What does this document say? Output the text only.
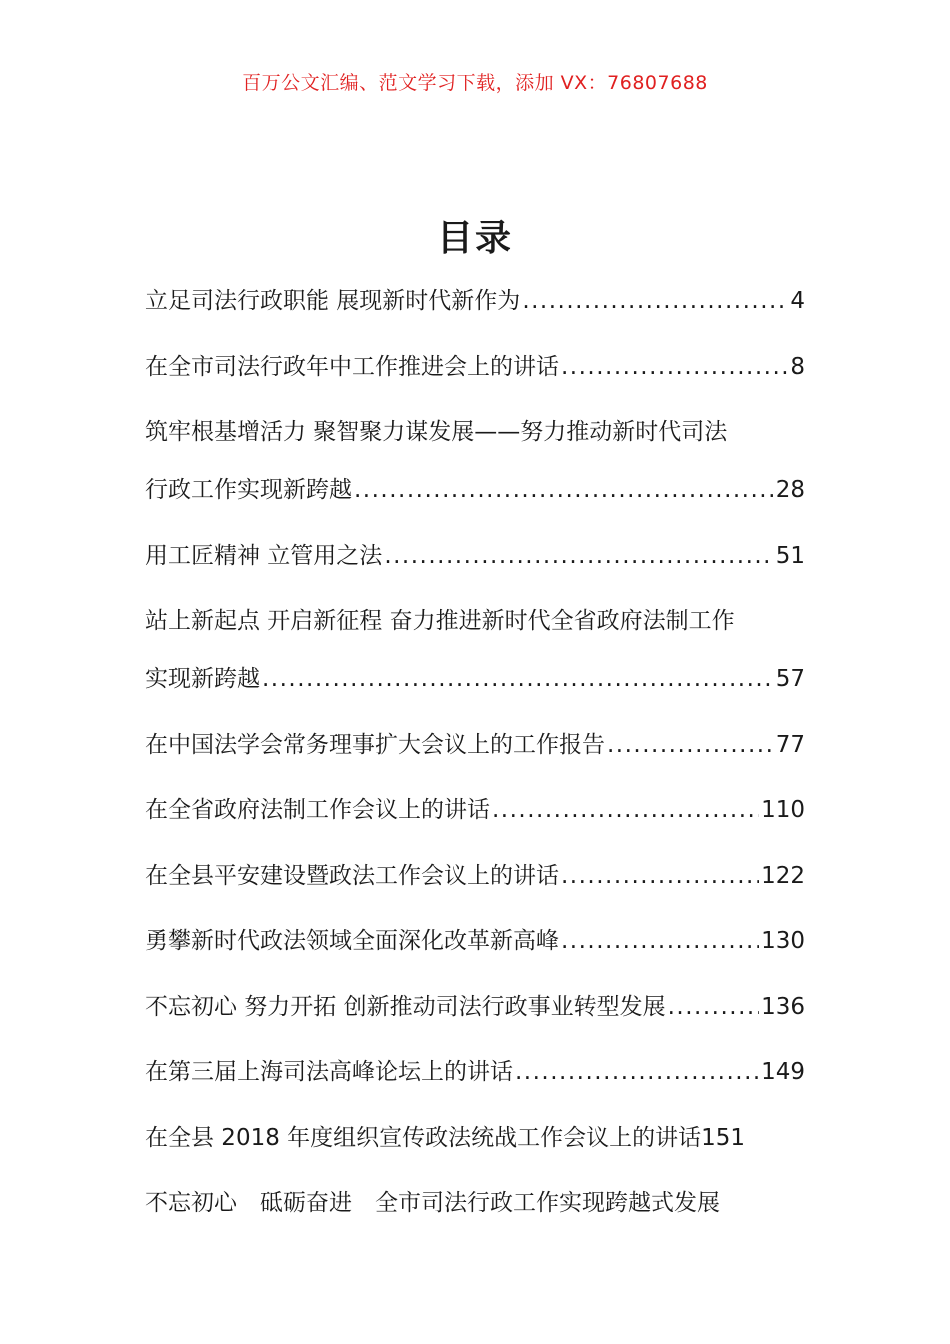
百万公文汇编、范文学习下载，添加 VX：76807688
目录
立足司法行政职能 展现新时代新作为 .....	4
在全市司法行政年中工作推进会上的讲话 .....	8
筑牢根基增活力 聚智聚力谋发展——努力推动新时代司法
行政工作实现新跨越 .....	28
用工匠精神 立管用之法 .....	51
站上新起点 开启新征程 奋力推进新时代全省政府法制工作
实现新跨越 .....	57
在中国法学会常务理事扩大会议上的工作报告 .....	77
在全省政府法制工作会议上的讲话 .....	110
在全县平安建设暨政法工作会议上的讲话 .....	122
勇攀新时代政法领域全面深化改革新高峰 .....	130
不忘初心 努力开拓 创新推动司法行政事业转型发展 .....	136
在第三届上海司法高峰论坛上的讲话 .....	149
在全县 2018 年度组织宣传政法统战工作会议上的讲话 151
不忘初心　砥砺奋进　全市司法行政工作实现跨越式发展
